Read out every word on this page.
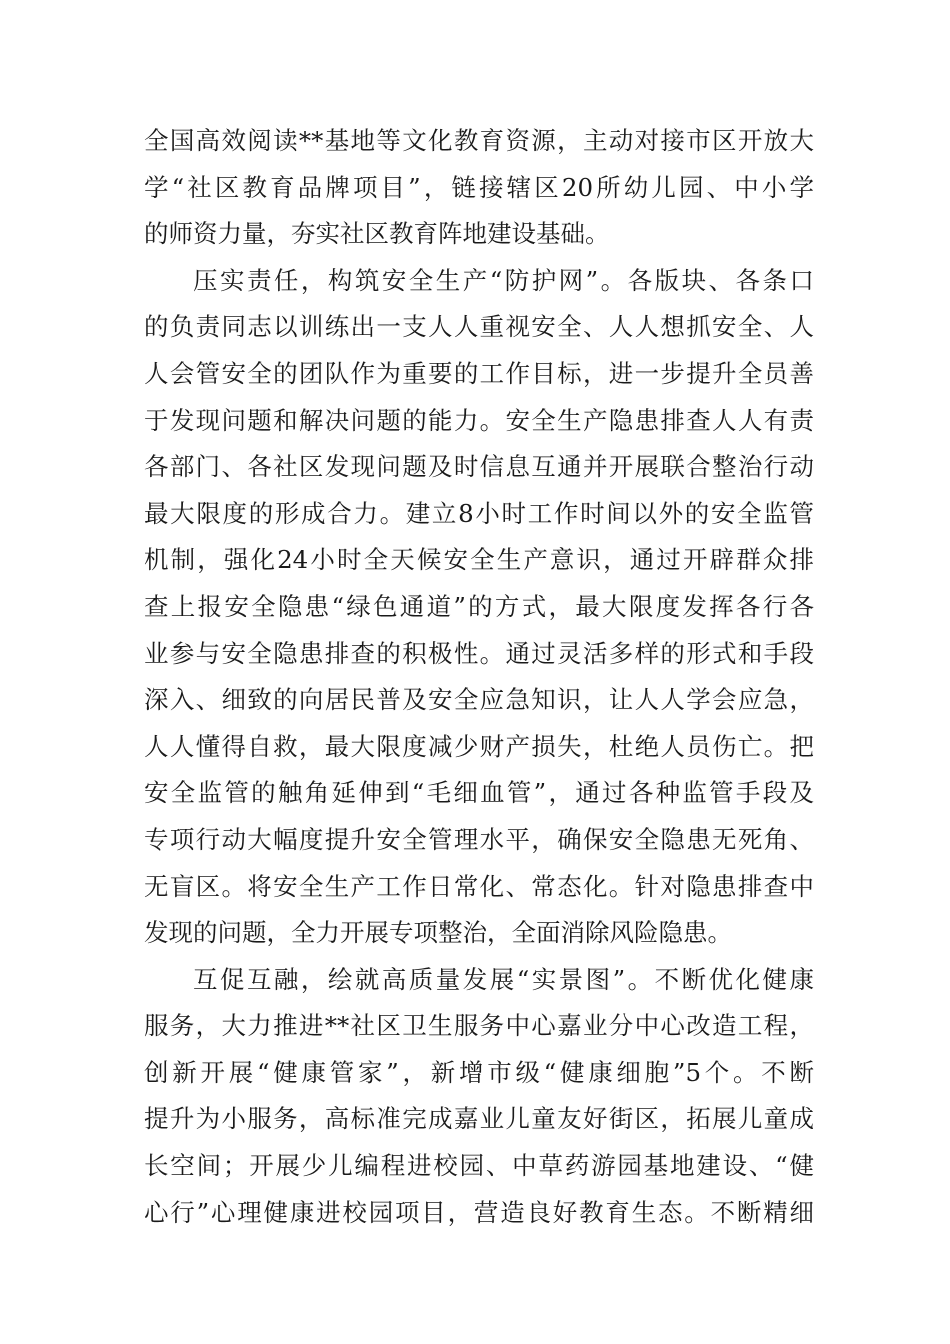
全国高效阅读**基地等文化教育资源，主动对接市区开放大
学“社区教育品牌项目”，链接辖区20所幼儿园、中小学
的师资力量，夯实社区教育阵地建设基础。
压实责任，构筑安全生产“防护网”。各版块、各条口
的负责同志以训练出一支人人重视安全、人人想抓安全、人
人会管安全的团队作为重要的工作目标，进一步提升全员善
于发现问题和解决问题的能力。安全生产隐患排查人人有责
各部门、各社区发现问题及时信息互通并开展联合整治行动
最大限度的形成合力。建立8小时工作时间以外的安全监管
机制，强化24小时全天候安全生产意识，通过开辟群众排
查上报安全隐患“绿色通道”的方式，最大限度发挥各行各
业参与安全隐患排查的积极性。通过灵活多样的形式和手段
深入、细致的向居民普及安全应急知识，让人人学会应急，
人人懂得自救，最大限度减少财产损失，杜绝人员伤亡。把
安全监管的触角延伸到“毛细血管”，通过各种监管手段及
专项行动大幅度提升安全管理水平，确保安全隐患无死角、
无盲区。将安全生产工作日常化、常态化。针对隐患排查中
发现的问题，全力开展专项整治，全面消除风险隐患。
互促互融，绘就高质量发展“实景图”。不断优化健康
服务，大力推进**社区卫生服务中心嘉业分中心改造工程，
创新开展“健康管家”，新增市级“健康细胞”5个。不断
提升为小服务，高标准完成嘉业儿童友好街区，拓展儿童成
长空间；开展少儿编程进校园、中草药游园基地建设、“健
心行”心理健康进校园项目，营造良好教育生态。不断精细
